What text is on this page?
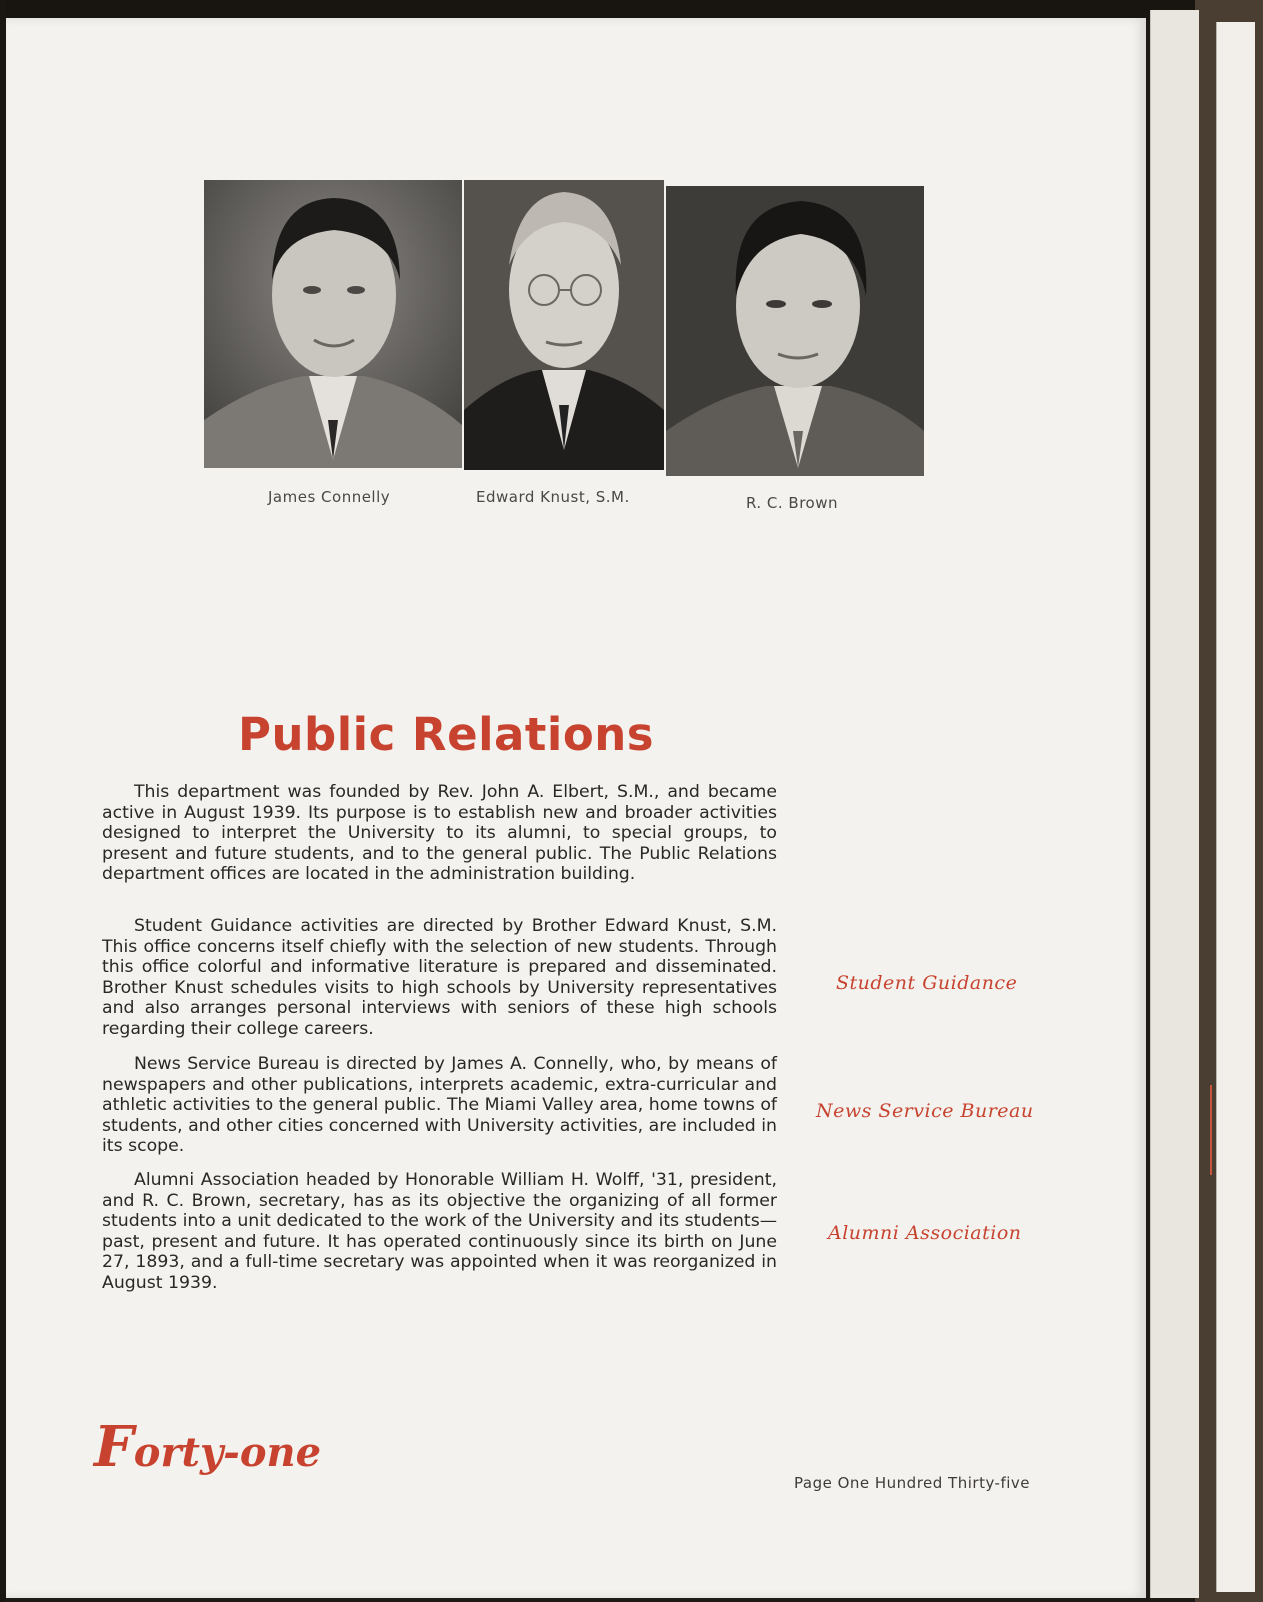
James Connelly	Edward Knust, S.M.	R. C. Brown
Public Relations

This department was founded by Rev. John A. Elbert, S.M., and became active in August 1939. Its purpose is to establish new and broader activities designed to interpret the University to its alumni, to special groups, to present and future students, and to the general public. The Public Relations department offices are located in the administration building.

Student Guidance activities are directed by Brother Edward Knust, S.M. This office concerns itself chiefly with the selection of new students. Through this office colorful and informative literature is prepared and disseminated. Brother Knust schedules visits to high schools by University representatives and also arranges personal interviews with seniors of these high schools regarding their college careers.

News Service Bureau is directed by James A. Connelly, who, by means of newspapers and other publications, interprets academic, extra-curricular and athletic activities to the general public. The Miami Valley area, home towns of students, and other cities concerned with University activities, are included in its scope.

Alumni Association headed by Honorable William H. Wolff, '31, president, and R. C. Brown, secretary, has as its objective the organizing of all former students into a unit dedicated to the work of the University and its students—past, present and future. It has operated continuously since its birth on June 27, 1893, and a full-time secretary was appointed when it was reorganized in August 1939.

Student Guidance
News Service Bureau
Alumni Association
Forty-one
Page One Hundred Thirty-five
